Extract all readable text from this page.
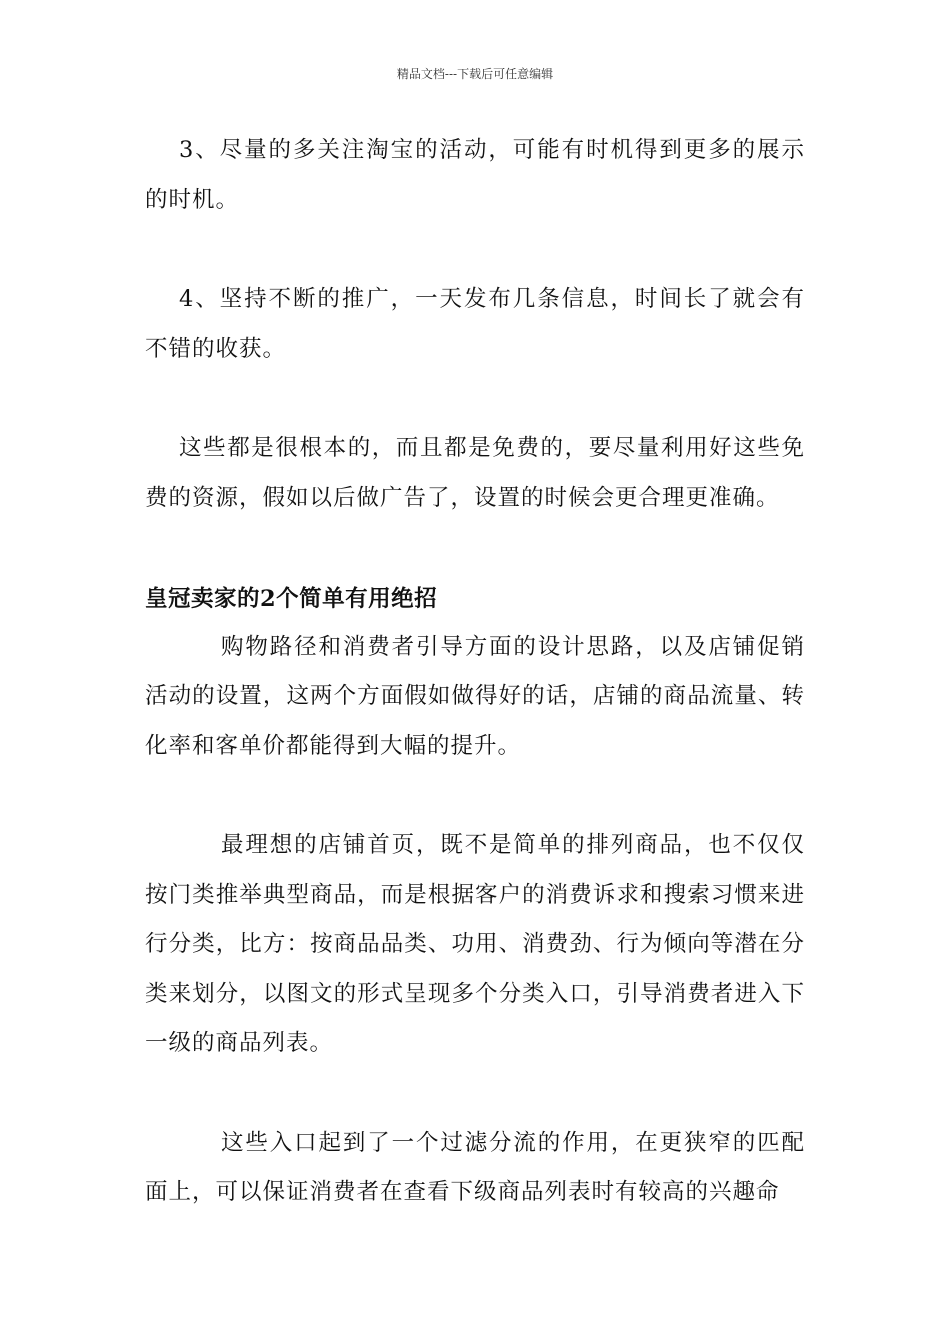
精品文档---下载后可任意编辑

3、尽量的多关注淘宝的活动，可能有时机得到更多的展示的时机。

4、坚持不断的推广，一天发布几条信息，时间长了就会有不错的收获。

这些都是很根本的，而且都是免费的，要尽量利用好这些免费的资源，假如以后做广告了，设置的时候会更合理更准确。

皇冠卖家的2个简单有用绝招

购物路径和消费者引导方面的设计思路，以及店铺促销活动的设置，这两个方面假如做得好的话，店铺的商品流量、转化率和客单价都能得到大幅的提升。

最理想的店铺首页，既不是简单的排列商品，也不仅仅按门类推举典型商品，而是根据客户的消费诉求和搜索习惯来进行分类，比方：按商品品类、功用、消费劲、行为倾向等潜在分类来划分，以图文的形式呈现多个分类入口，引导消费者进入下一级的商品列表。

这些入口起到了一个过滤分流的作用，在更狭窄的匹配面上，可以保证消费者在查看下级商品列表时有较高的兴趣命
